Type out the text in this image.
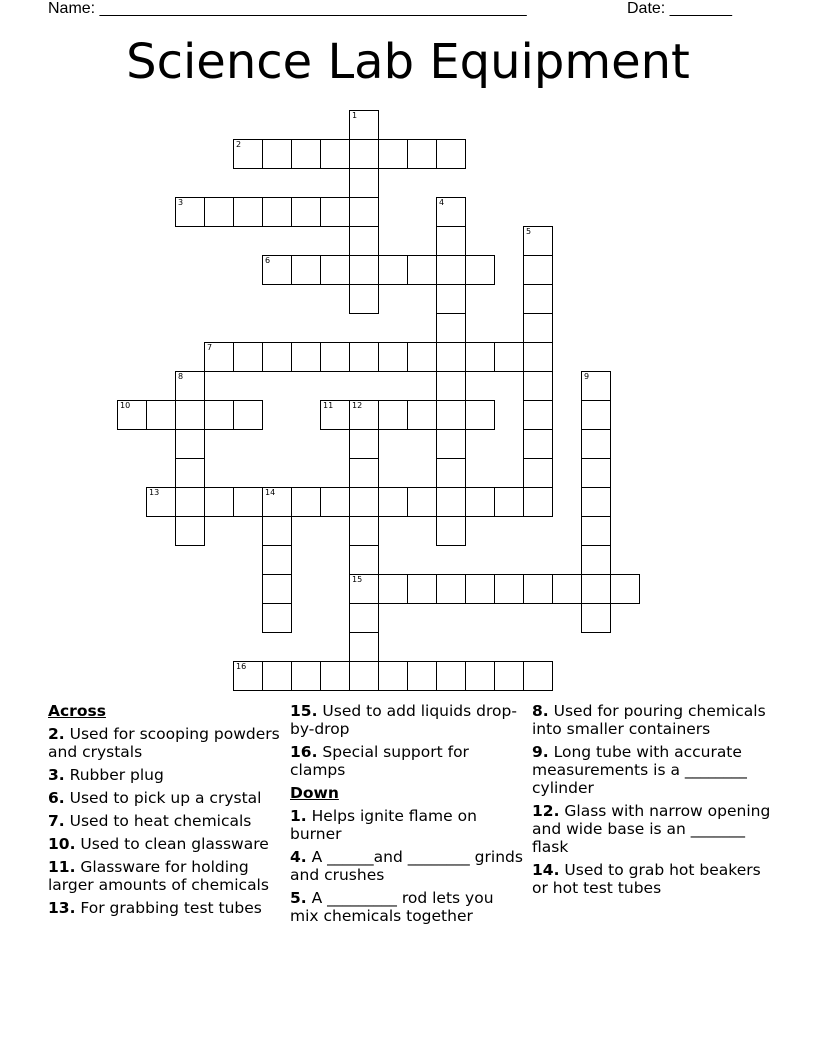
Name: ________________________________________________	Date: _______
Science Lab Equipment
1
2
3	4
5
6
7
8	9
10	11 12
15
13	14
16
Across
2. Used for scooping powders and crystals
3. Rubber plug
6. Used to pick up a crystal
7. Used to heat chemicals
10. Used to clean glassware
11. Glassware for holding larger amounts of chemicals
13. For grabbing test tubes
15. Used to add liquids drop-by-drop
16. Special support for clamps
Down
1. Helps ignite flame on burner
4. A ______and ________ grinds and crushes
5. A _________ rod lets you mix chemicals together
8. Used for pouring chemicals into smaller containers
9. Long tube with accurate measurements is a ________ cylinder
12. Glass with narrow opening and wide base is an _______ flask
14. Used to grab hot beakers or hot test tubes
